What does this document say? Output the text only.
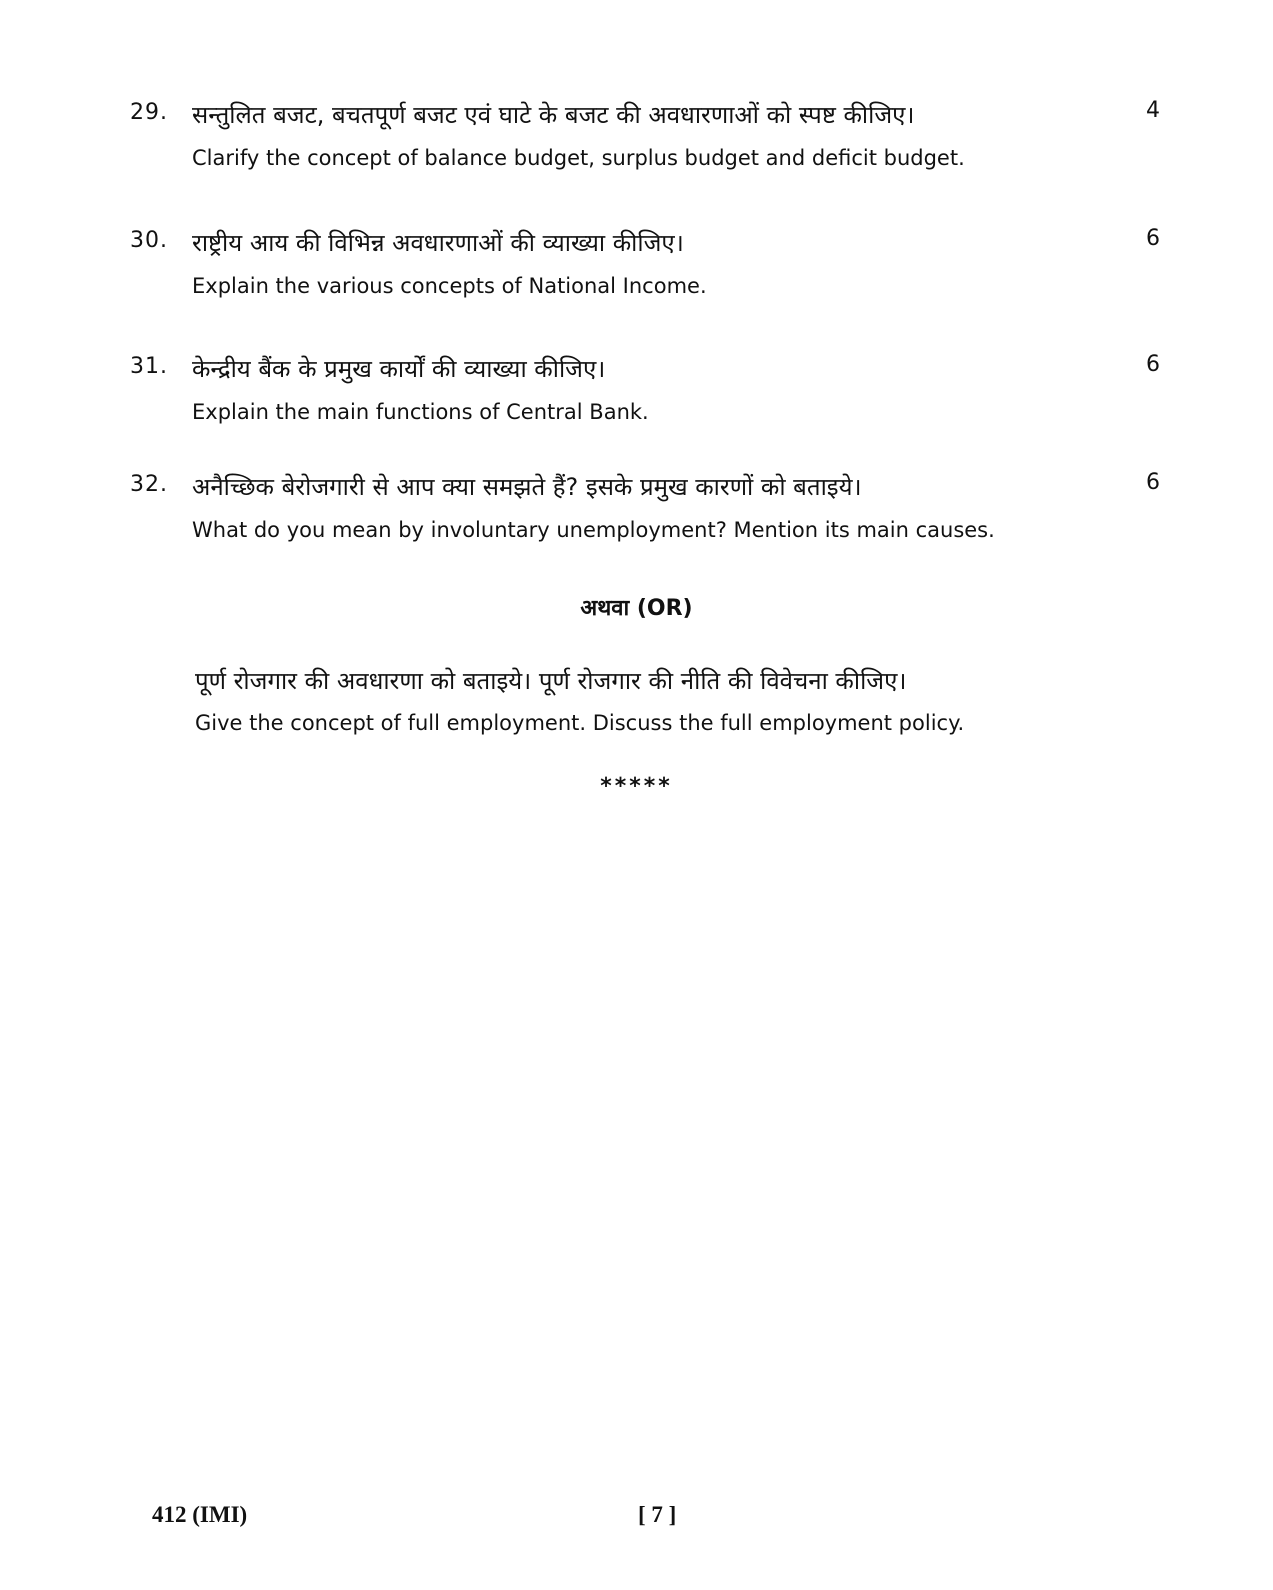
29. सन्तुलित बजट, बचतपूर्ण बजट एवं घाटे के बजट की अवधारणाओं को स्पष्ट कीजिए।
Clarify the concept of balance budget, surplus budget and deficit budget.
4
30. राष्ट्रीय आय की विभिन्न अवधारणाओं की व्याख्या कीजिए।
Explain the various concepts of National Income.
6
31. केन्द्रीय बैंक के प्रमुख कार्यों की व्याख्या कीजिए।
Explain the main functions of Central Bank.
6
32. अनैच्छिक बेरोजगारी से आप क्या समझते हैं? इसके प्रमुख कारणों को बताइये।
What do you mean by involuntary unemployment? Mention its main causes.
6
अथवा (OR)
पूर्ण रोजगार की अवधारणा को बताइये। पूर्ण रोजगार की नीति की विवेचना कीजिए।
Give the concept of full employment. Discuss the full employment policy.
*****
412 (IMI)	[ 7 ]
